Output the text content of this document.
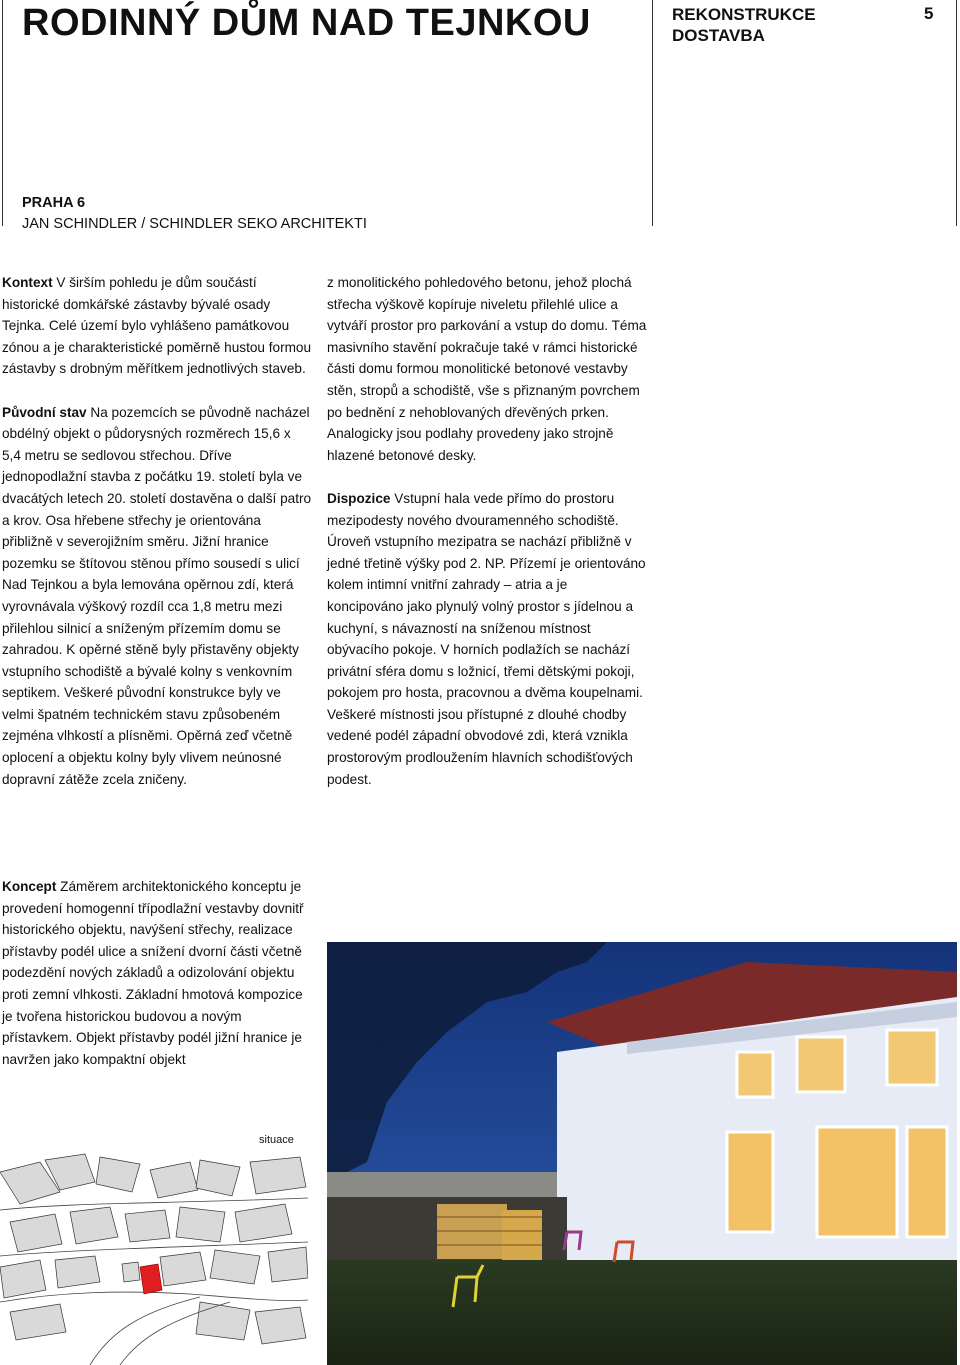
RODINNÝ DŮM NAD TEJNKOU	REKONSTRUKCE
DOSTAVBA
5
PRAHA 6
JAN SCHINDLER / SCHINDLER SEKO ARCHITEKTI

Kontext V širším pohledu je dům součástí historické domkářské zástavby bývalé osady Tejnka. Celé území bylo vyhlášeno památkovou zónou a je charakteristické poměrně hustou formou zástavby s drobným měřítkem jednotlivých staveb.

Původní stav Na pozemcích se původně nacházel obdélný objekt o půdorysných rozměrech 15,6 x 5,4 metru se sedlovou střechou. Dříve jednopodlažní stavba z počátku 19. století byla ve dvacátých letech 20. století dostavěna o další patro a krov. Osa hřebene střechy je orientována přibližně v severojižním směru. Jižní hranice pozemku se štítovou stěnou přímo sousedí s ulicí Nad Tejnkou a byla lemována opěrnou zdí, která vyrovnávala výškový rozdíl cca 1,8 metru mezi přilehlou silnicí a sníženým přízemím domu se zahradou. K opěrné stěně byly přistavěny objekty vstupního schodiště a bývalé kolny s venkovním septikem. Veškeré původní konstrukce byly ve velmi špatném technickém stavu způsobeném zejména vlhkostí a plísněmi. Opěrná zeď včetně oplocení a objektu kolny byly vlivem neúnosné dopravní zátěže zcela zničeny.

z monolitického pohledového betonu, jehož plochá střecha výškově kopíruje niveletu přilehlé ulice a vytváří prostor pro parkování a vstup do domu. Téma masivního stavění pokračuje také v rámci historické části domu formou monolitické betonové vestavby stěn, stropů a schodiště, vše s přiznaným povrchem po bednění z nehoblovaných dřevěných prken. Analogicky jsou podlahy provedeny jako strojně hlazené betonové desky.

Dispozice Vstupní hala vede přímo do prostoru mezipodesty nového dvouramenného schodiště. Úroveň vstupního mezipatra se nachází přibližně v jedné třetině výšky pod 2. NP. Přízemí je orientováno kolem intimní vnitřní zahrady – atria a je koncipováno jako plynulý volný prostor s jídelnou a kuchyní, s návazností na sníženou místnost obývacího pokoje. V horních podlažích se nachází privátní sféra domu s ložnicí, třemi dětskými pokoji, pokojem pro hosta, pracovnou a dvěma koupelnami. Veškeré místnosti jsou přístupné z dlouhé chodby vedené podél západní obvodové zdi, která vznikla prostorovým prodloužením hlavních schodišťových podest.

Koncept Záměrem architektonického konceptu je provedení homogenní třípodlažní vestavby dovnitř historického objektu, navýšení střechy, realizace přístavby podél ulice a snížení dvorní části včetně podezdění nových základů a odizolování objektu proti zemní vlhkosti. Základní hmotová kompozice je tvořena historickou budovou a novým přístavkem. Objekt přístavby podél jižní hranice je navržen jako kompaktní objekt

situace
